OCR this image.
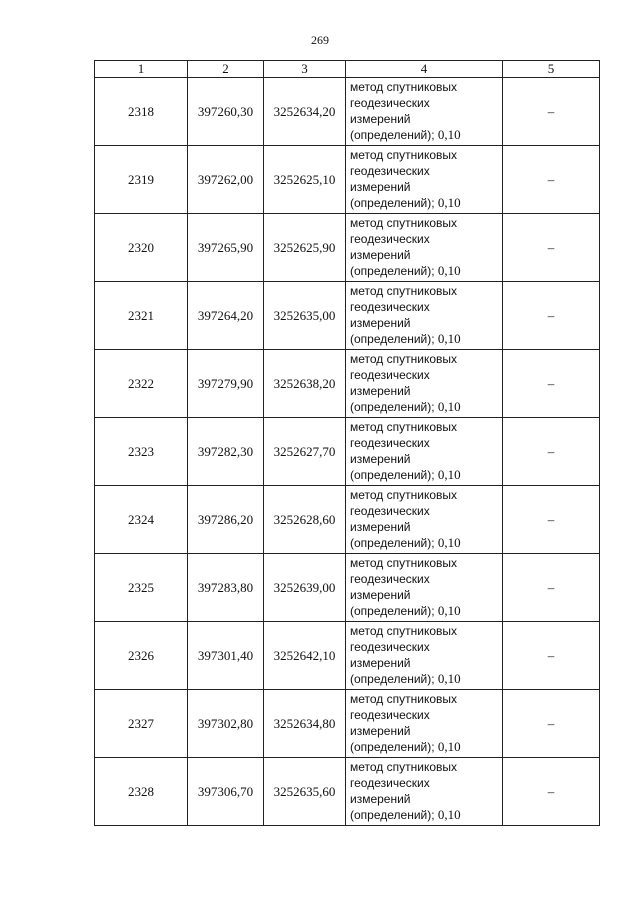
269
1	2	3	4	5
2318	397260,30	3252634,20	метод спутниковых
геодезических
измерений
(определений); 0,10	–
2319	397262,00	3252625,10	метод спутниковых
геодезических
измерений
(определений); 0,10	–
2320	397265,90	3252625,90	метод спутниковых
геодезических
измерений
(определений); 0,10	–
2321	397264,20	3252635,00	метод спутниковых
геодезических
измерений
(определений); 0,10	–
2322	397279,90	3252638,20	метод спутниковых
геодезических
измерений
(определений); 0,10	–
2323	397282,30	3252627,70	метод спутниковых
геодезических
измерений
(определений); 0,10	–
2324	397286,20	3252628,60	метод спутниковых
геодезических
измерений
(определений); 0,10	–
2325	397283,80	3252639,00	метод спутниковых
геодезических
измерений
(определений); 0,10	–
2326	397301,40	3252642,10	метод спутниковых
геодезических
измерений
(определений); 0,10	–
2327	397302,80	3252634,80	метод спутниковых
геодезических
измерений
(определений); 0,10	–
2328	397306,70	3252635,60	метод спутниковых
геодезических
измерений
(определений); 0,10	–
